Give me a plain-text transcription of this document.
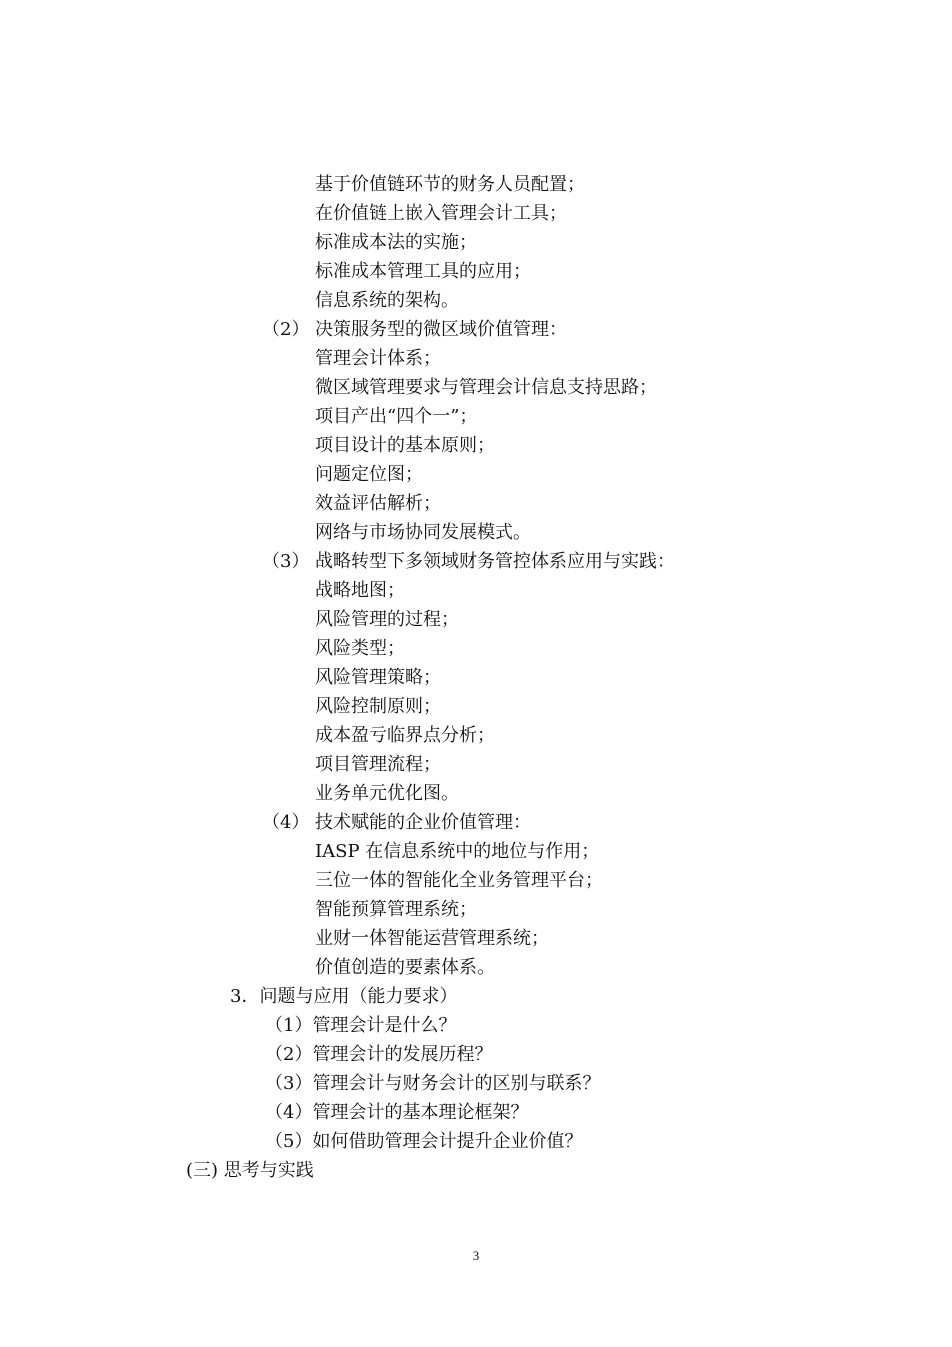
基于价值链环节的财务人员配置；
在价值链上嵌入管理会计工具；
标准成本法的实施；
标准成本管理工具的应用；
信息系统的架构。
（2） 决策服务型的微区域价值管理：
管理会计体系；
微区域管理要求与管理会计信息支持思路；
项目产出“四个一”；
项目设计的基本原则；
问题定位图；
效益评估解析；
网络与市场协同发展模式。
（3） 战略转型下多领域财务管控体系应用与实践：
战略地图；
风险管理的过程；
风险类型；
风险管理策略；
风险控制原则；
成本盈亏临界点分析；
项目管理流程；
业务单元优化图。
（4） 技术赋能的企业价值管理：
IASP 在信息系统中的地位与作用；
三位一体的智能化全业务管理平台；
智能预算管理系统；
业财一体智能运营管理系统；
价值创造的要素体系。
3．问题与应用（能力要求）
（1）管理会计是什么？
（2）管理会计的发展历程？
（3）管理会计与财务会计的区别与联系？
（4）管理会计的基本理论框架？
（5）如何借助管理会计提升企业价值？
(三) 思考与实践
3
